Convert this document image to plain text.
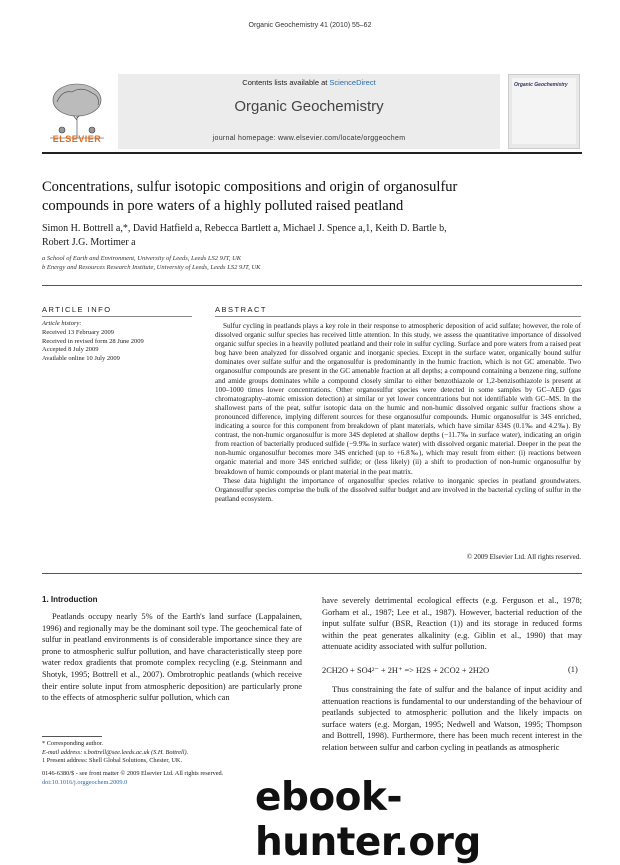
Organic Geochemistry 41 (2010) 55–62
ELSEVIER
Contents lists available at ScienceDirect
Organic Geochemistry
journal homepage: www.elsevier.com/locate/orggeochem
Organic Geochemistry
Concentrations, sulfur isotopic compositions and origin of organosulfur
compounds in pore waters of a highly polluted raised peatland
Simon H. Bottrell a,*, David Hatfield a, Rebecca Bartlett a, Michael J. Spence a,1, Keith D. Bartle b,
Robert J.G. Mortimer a
a School of Earth and Environment, University of Leeds, Leeds LS2 9JT, UK
b Energy and Resources Research Institute, University of Leeds, Leeds LS2 9JT, UK
ARTICLE INFO	ABSTRACT
Article history:
Received 13 February 2009
Received in revised form 28 June 2009
Accepted 8 July 2009
Available online 10 July 2009

Sulfur cycling in peatlands plays a key role in their response to atmospheric deposition of acid sulfate; however, the role of dissolved organic sulfur species has received little attention. In this study, we assess the quantitative importance of dissolved organic sulfur species in a heavily polluted peatland and their role in sulfur cycling. Surface and pore waters from a raised peat bog have been analyzed for dissolved organic and inorganic species. Except in the surface water, organically bound sulfur dominates over sulfate sulfur and the organosulfur is predominantly in the humic fraction, which is not GC amenable. Two organosulfur compounds are present in the GC amenable fraction at all depths; a compound containing a benzene ring, sulfone and amide groups dominates while a compound closely similar to either benzothiazole or 1,2-benzisothiazole is present at 100–1000 times lower concentrations. Other organosulfur species were detected in some samples by GC–AED (gas chromatography–atomic emission detection) at similar or yet lower concentrations but not identifiable with GC–MS. In the shallowest parts of the peat, sulfur isotopic data on the humic and non-humic dissolved organic sulfur fractions show a pronounced difference, implying different sources for these organosulfur compounds. Humic organosulfur is 34S enriched, indicating a source for this component from breakdown of plant materials, which have similar δ34S (0.1‰ and 4.2‰). By contrast, the non-humic organosulfur is more 34S depleted at shallow depths (−11.7‰ in surface water), indicating an origin from reaction of bacterially produced sulfide (−9.9‰ in surface water) with dissolved organic material. Deeper in the peat the non-humic organosulfur becomes more 34S enriched (up to +6.8‰), which may result from either: (i) reactions between organic material and more 34S enriched sulfide; or (less likely) (ii) a shift to production of non-humic organosulfur by breakdown of humic compounds or plant material in the peat matrix.

These data highlight the importance of organosulfur species relative to inorganic species in peatland groundwaters. Organosulfur species comprise the bulk of the dissolved sulfur budget and are involved in the bacterial cycling of sulfur in the peatland ecosystem.

© 2009 Elsevier Ltd. All rights reserved.
1. Introduction
Peatlands occupy nearly 5% of the Earth's land surface (Lappalainen, 1996) and regionally may be the dominant soil type. The geochemical fate of sulfur in peatland environments is of considerable importance since they are prone to atmospheric sulfur pollution, and have characteristically steep pore water redox gradients that promote complex recycling (e.g. Steinmann and Shotyk, 1995; Bottrell et al., 2007). Ombrotrophic peatlands (which receive their entire solute input from atmospheric deposition) are particularly prone to the effects of atmospheric sulfur pollution, which can
have severely detrimental ecological effects (e.g. Ferguson et al., 1978; Gorham et al., 1987; Lee et al., 1987). However, bacterial reduction of the input sulfate sulfur (BSR, Reaction (1)) and its storage in reduced forms within the peat generates alkalinity (e.g. Giblin et al., 1990) that may attenuate acidity associated with sulfur pollution.
2CH2O + SO4²⁻ + 2H⁺ => H2S + 2CO2 + 2H2O	(1)
Thus constraining the fate of sulfur and the balance of input acidity and attenuation reactions is fundamental to our understanding of the behaviour of peatlands subjected to atmospheric pollution and the likely impacts on surface waters (e.g. Morgan, 1995; Nedwell and Watson, 1995; Thompson and Bottrell, 1998). Furthermore, there has been much recent interest in the relation between sulfur and carbon cycling in peatlands as atmospheric
* Corresponding author.
E-mail address: s.bottrell@see.leeds.ac.uk (S.H. Bottrell).
1 Present address: Shell Global Solutions, Chester, UK.
0146-6380/$ - see front matter © 2009 Elsevier Ltd. All rights reserved.
doi:10.1016/j.orggeochem.2009.0	ebook-hunter.org
